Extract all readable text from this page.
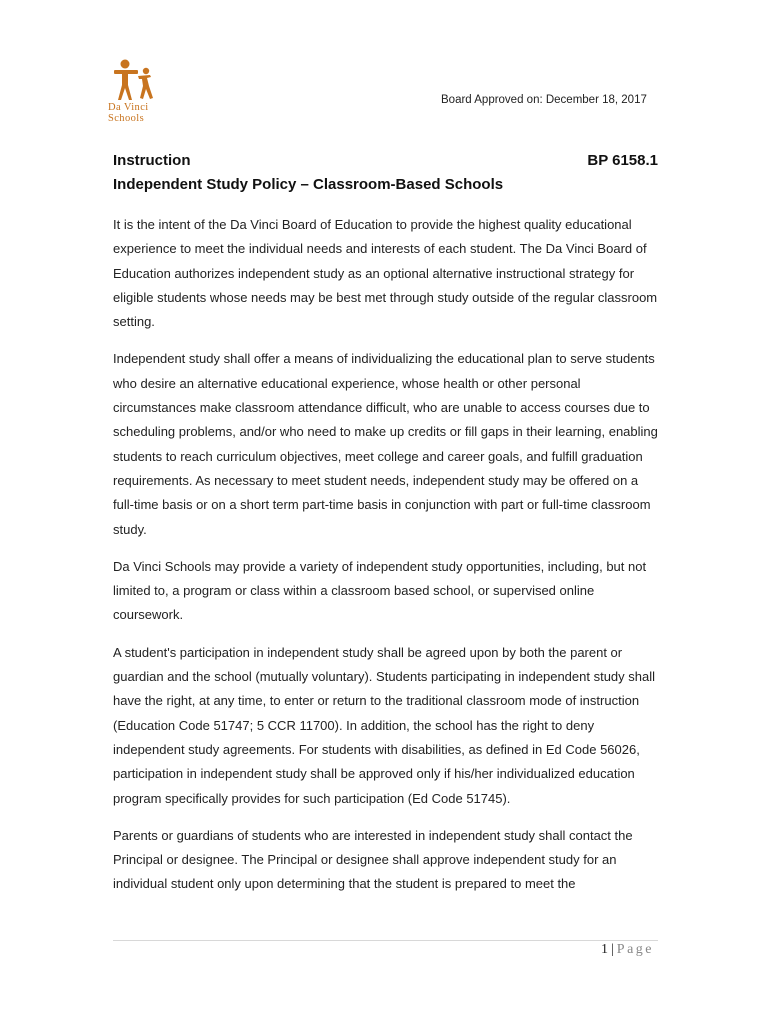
Da Vinci
Schools
Board Approved on: December 18, 2017
Instruction	BP 6158.1
Independent Study Policy – Classroom-Based Schools

It is the intent of the Da Vinci Board of Education to provide the highest quality educational experience to meet the individual needs and interests of each student. The Da Vinci Board of Education authorizes independent study as an optional alternative instructional strategy for eligible students whose needs may be best met through study outside of the regular classroom setting.

Independent study shall offer a means of individualizing the educational plan to serve students who desire an alternative educational experience, whose health or other personal circumstances make classroom attendance difficult, who are unable to access courses due to scheduling problems, and/or who need to make up credits or fill gaps in their learning, enabling students to reach curriculum objectives, meet college and career goals, and fulfill graduation requirements. As necessary to meet student needs, independent study may be offered on a full-time basis or on a short term part-time basis in conjunction with part or full-time classroom study.

Da Vinci Schools may provide a variety of independent study opportunities, including, but not limited to, a program or class within a classroom based school, or supervised online coursework.

A student's participation in independent study shall be agreed upon by both the parent or guardian and the school (mutually voluntary). Students participating in independent study shall have the right, at any time, to enter or return to the traditional classroom mode of instruction (Education Code 51747; 5 CCR 11700). In addition, the school has the right to deny independent study agreements. For students with disabilities, as defined in Ed Code 56026, participation in independent study shall be approved only if his/her individualized education program specifically provides for such participation (Ed Code 51745).

Parents or guardians of students who are interested in independent study shall contact the Principal or designee. The Principal or designee shall approve independent study for an individual student only upon determining that the student is prepared to meet the

1 | Page
